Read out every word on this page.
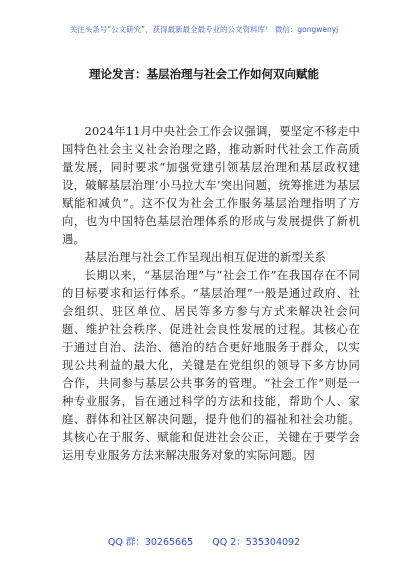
关注头条号“公文研究”，获得最新最全最专业的公文资料库！ 微信：gongwenyj
理论发言：基层治理与社会工作如何双向赋能

2024年11月中央社会工作会议强调，要坚定不移走中国特色社会主义社会治理之路，推动新时代社会工作高质量发展，同时要求“加强党建引领基层治理和基层政权建设，破解基层治理‘小马拉大车’突出问题，统筹推进为基层赋能和减负”。这不仅为社会工作服务基层治理指明了方向，也为中国特色基层治理体系的形成与发展提供了新机遇。

基层治理与社会工作呈现出相互促进的新型关系

长期以来，“基层治理”与“社会工作”在我国存在不同的目标要求和运行体系。“基层治理”一般是通过政府、社会组织、驻区单位、居民等多方参与方式来解决社会问题、维护社会秩序、促进社会良性发展的过程。其核心在于通过自治、法治、德治的结合更好地服务于群众，以实现公共利益的最大化，关键是在党组织的领导下多方协同合作，共同参与基层公共事务的管理。“社会工作”则是一种专业服务，旨在通过科学的方法和技能，帮助个人、家庭、群体和社区解决问题，提升他们的福祉和社会功能。其核心在于服务、赋能和促进社会公正，关键在于要学会运用专业服务方法来解决服务对象的实际问题。因

QQ 群：30265665 QQ 2：535304092
